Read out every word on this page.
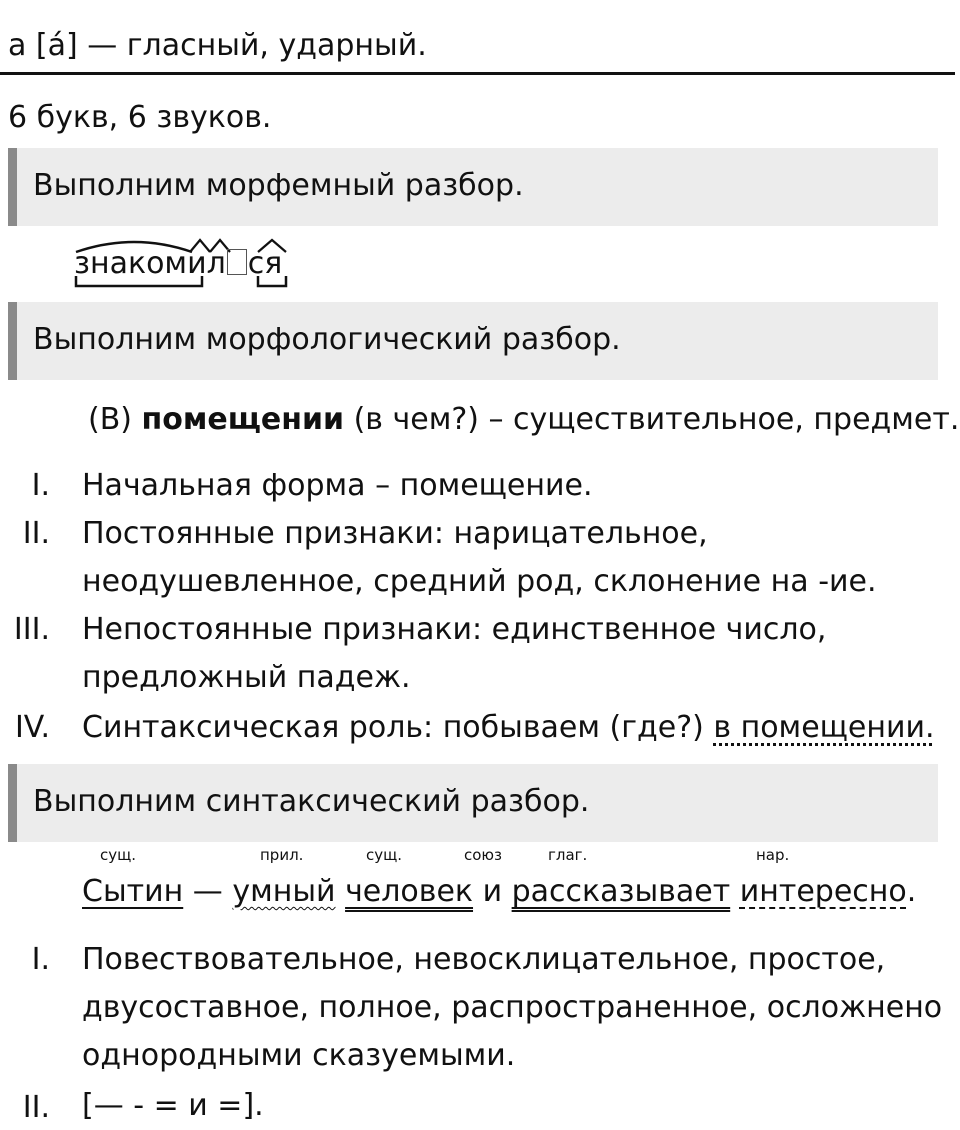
а [á] — гласный, ударный.
6 букв, 6 звуков.
Выполним морфемный разбор.
знакомил ся
Выполним морфологический разбор.
(В) помещении (в чем?) – существительное, предмет.
I. Начальная форма – помещение.
II. Постоянные признаки: нарицательное,
неодушевленное, средний род, склонение на -ие.
III. Непостоянные признаки: единственное число,
предложный падеж.
IV. Синтаксическая роль: побываем (где?) в помещении.
Выполним синтаксический разбор.
сущ.	прил.	сущ.	союз	глаг.	нар.
Сытин — умный человек и рассказывает интересно.
I. Повествовательное, невосклицательное, простое,
двусоставное, полное, распространенное, осложнено
однородными сказуемыми.
II. [— - = и =].
